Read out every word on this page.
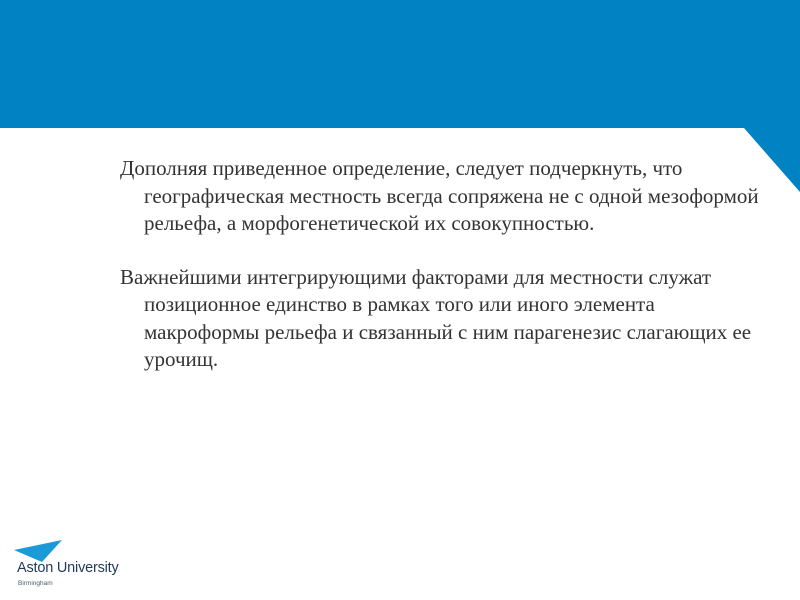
Дополняя приведенное определение, следует подчеркнуть, что географическая местность всегда сопряжена не с одной мезоформой рельефа, а морфогенетической их совокупностью.

Важнейшими интегрирующими факторами для местности служат позиционное единство в рамках того или иного элемента макроформы рельефа и связанный с ним парагенезис слагающих ее урочищ.

Aston University
Birmingham
